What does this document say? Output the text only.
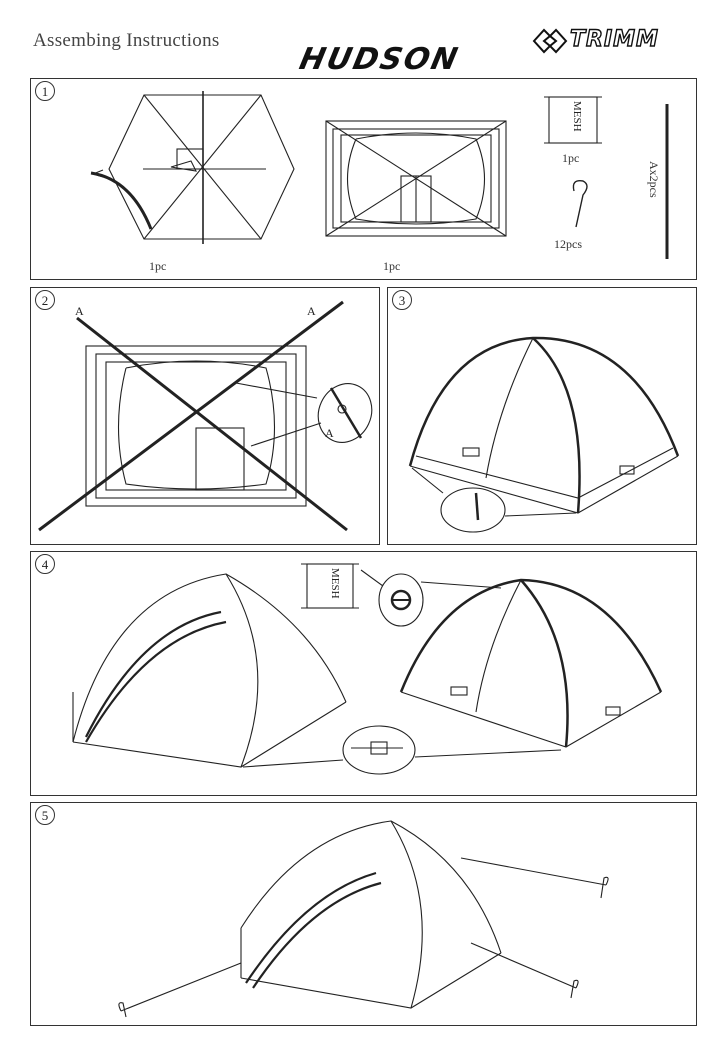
Assembing Instructions
HUDSON
TRIMM
1
1pc	1pc
MESH
1pc
12pcs
Ax2pcs
2
A	A
A
3
4
MESH
5
